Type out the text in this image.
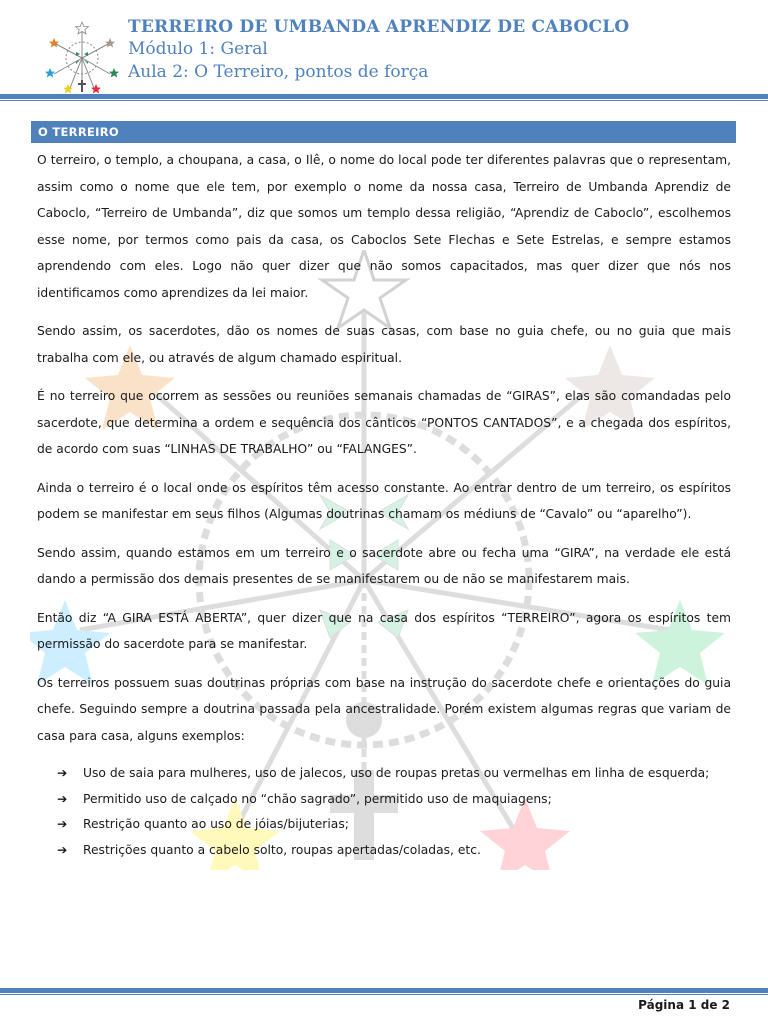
TERREIRO DE UMBANDA APRENDIZ DE CABOCLO
Módulo 1: Geral
Aula 2: O Terreiro, pontos de força
O TERREIRO

O terreiro, o templo, a choupana, a casa, o Ilê, o nome do local pode ter diferentes palavras que o representam, assim como o nome que ele tem, por exemplo o nome da nossa casa, Terreiro de Umbanda Aprendiz de Caboclo, “Terreiro de Umbanda”, diz que somos um templo dessa religião, “Aprendiz de Caboclo”, escolhemos esse nome, por termos como pais da casa, os Caboclos Sete Flechas e Sete Estrelas, e sempre estamos aprendendo com eles. Logo não quer dizer que não somos capacitados, mas quer dizer que nós nos identificamos como aprendizes da lei maior.

Sendo assim, os sacerdotes, dão os nomes de suas casas, com base no guia chefe, ou no guia que mais trabalha com ele, ou através de algum chamado espiritual.

É no terreiro que ocorrem as sessões ou reuniões semanais chamadas de “GIRAS”, elas são comandadas pelo sacerdote, que determina a ordem e sequência dos cânticos “PONTOS CANTADOS”, e a chegada dos espíritos, de acordo com suas “LINHAS DE TRABALHO” ou “FALANGES”.

Ainda o terreiro é o local onde os espíritos têm acesso constante. Ao entrar dentro de um terreiro, os espíritos podem se manifestar em seus filhos (Algumas doutrinas chamam os médiuns de “Cavalo” ou “aparelho”).

Sendo assim, quando estamos em um terreiro e o sacerdote abre ou fecha uma “GIRA”, na verdade ele está dando a permissão dos demais presentes de se manifestarem ou de não se manifestarem mais.

Então diz “A GIRA ESTÁ ABERTA”, quer dizer que na casa dos espíritos “TERREIRO”, agora os espíritos tem permissão do sacerdote para se manifestar.

Os terreiros possuem suas doutrinas próprias com base na instrução do sacerdote chefe e orientações do guia chefe. Seguindo sempre a doutrina passada pela ancestralidade. Porém existem algumas regras que variam de casa para casa, alguns exemplos:

➔ Uso de saia para mulheres, uso de jalecos, uso de roupas pretas ou vermelhas em linha de esquerda;
➔ Permitido uso de calçado no “chão sagrado”, permitido uso de maquiagens;
➔ Restrição quanto ao uso de jóias/bijuterias;
➔ Restrições quanto a cabelo solto, roupas apertadas/coladas, etc.
Página 1 de 2
